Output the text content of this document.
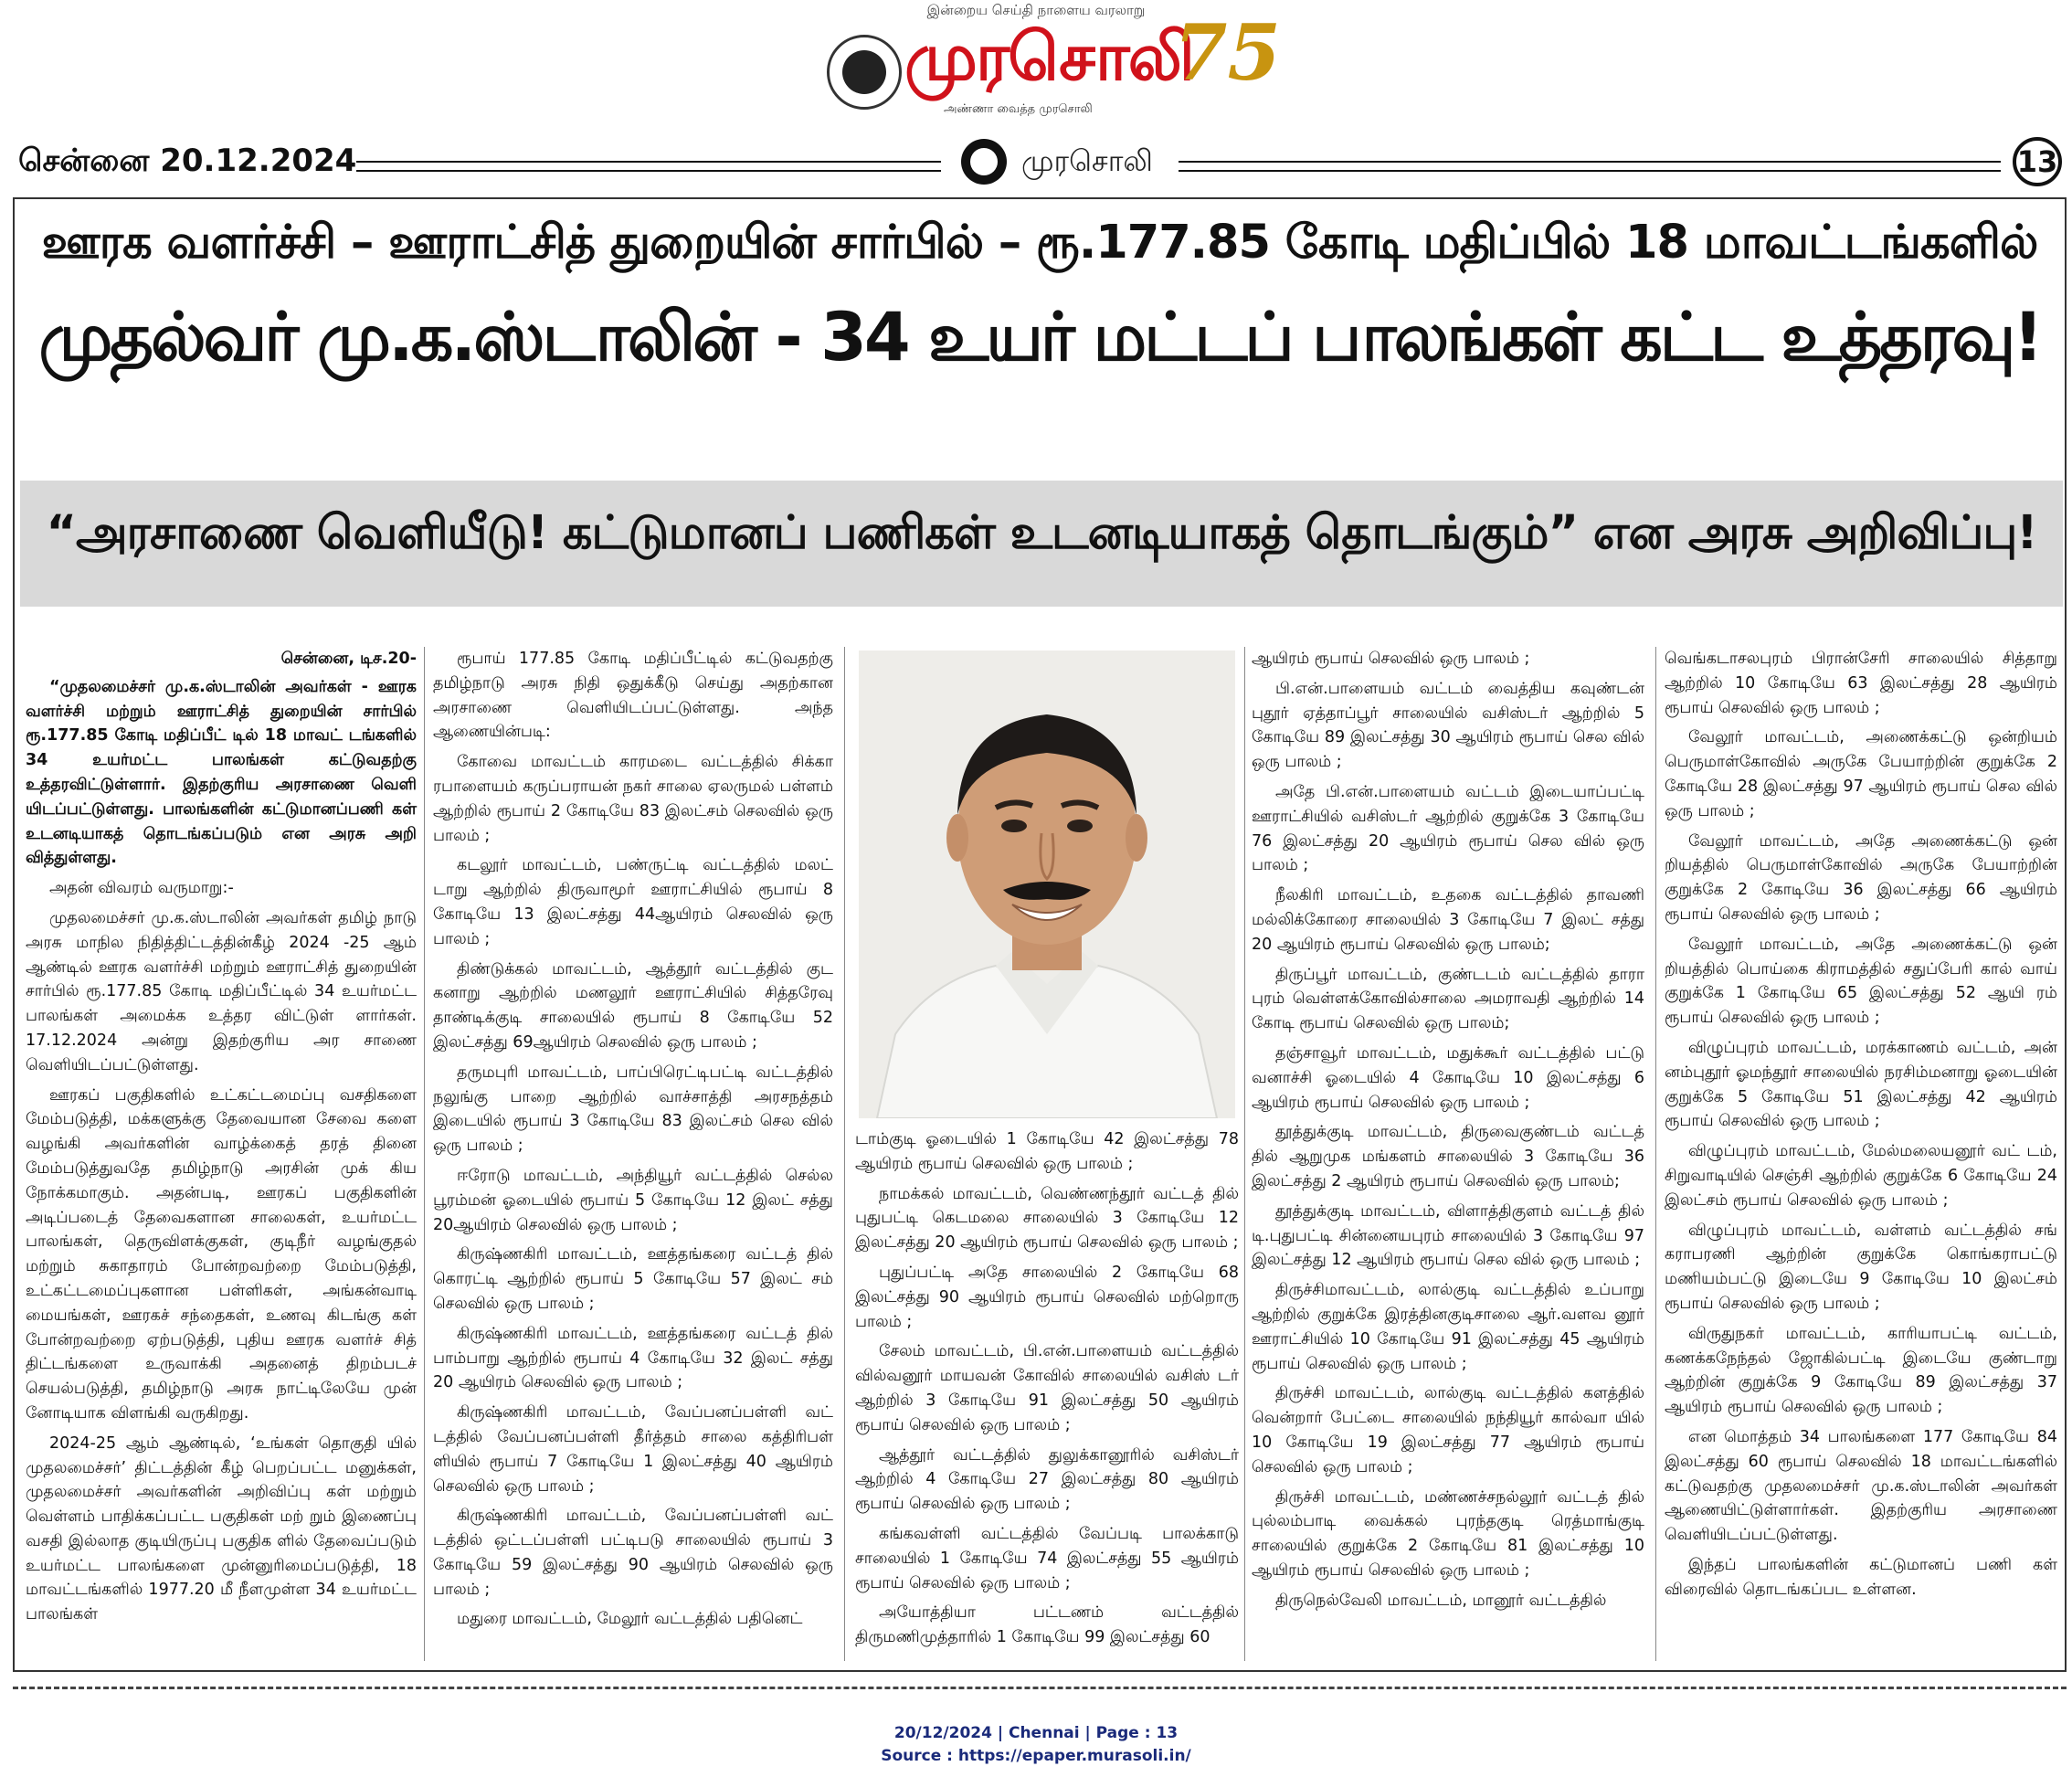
இன்றைய செய்தி நாளைய வரலாறு
முரசொலி
அண்ணா வைத்த முரசொலி
75
சென்னை 20.12.2024	முரசொலி	13
ஊரக வளர்ச்சி – ஊராட்சித் துறையின் சார்பில் – ரூ.177.85 கோடி மதிப்பில் 18 மாவட்டங்களில்
முதல்வர் மு.க.ஸ்டாலின் - 34 உயர் மட்டப் பாலங்கள் கட்ட உத்தரவு!
“அரசாணை வெளியீடு! கட்டுமானப் பணிகள் உடனடியாகத் தொடங்கும்” என அரசு அறிவிப்பு!
சென்னை, டிச.20-

“முதலமைச்சர் மு.க.ஸ்டாலின் அவர்கள் - ஊரக வளர்ச்சி மற்றும் ஊராட்சித் துறையின் சார்பில் ரூ.177.85 கோடி மதிப்பீட் டில் 18 மாவட் டங்களில் 34 உயர்மட்ட பாலங்கள் கட்டுவதற்கு உத்தரவிட்டுள்ளார். இதற்குரிய அரசாணை வெளி யிடப்பட்டுள்ளது. பாலங்களின் கட்டுமானப்பணி கள் உடனடியாகத் தொடங்கப்படும் என அரசு அறி வித்துள்ளது.

அதன் விவரம் வருமாறு:-

முதலமைச்சர் மு.க.ஸ்டாலின் அவர்கள் தமிழ் நாடு அரசு மாநில நிதித்திட்டத்தின்கீழ் 2024 -25 ஆம் ஆண்டில் ஊரக வளர்ச்சி மற்றும் ஊராட்சித் துறையின் சார்பில் ரூ.177.85 கோடி மதிப்பீட்டில் 34 உயர்மட்ட பாலங்கள் அமைக்க உத்தர விட்டுள் ளார்கள். 17.12.2024 அன்று இதற்குரிய அர சாணை வெளியிடப்பட்டுள்ளது.

ஊரகப் பகுதிகளில் உட்கட்டமைப்பு வசதிகளை மேம்படுத்தி, மக்களுக்கு தேவையான சேவை களை வழங்கி அவர்களின் வாழ்க்கைத் தரத் தினை மேம்படுத்துவதே தமிழ்நாடு அரசின் முக் கிய நோக்கமாகும். அதன்படி, ஊரகப் பகுதிகளின் அடிப்படைத் தேவைகளான சாலைகள், உயர்மட்ட பாலங்கள், தெருவிளக்குகள், குடிநீர் வழங்குதல் மற்றும் சுகாதாரம் போன்றவற்றை மேம்படுத்தி, உட்கட்டமைப்புகளான பள்ளிகள், அங்கன்வாடி மையங்கள், ஊரகச் சந்தைகள், உணவு கிடங்கு கள் போன்றவற்றை ஏற்படுத்தி, புதிய ஊரக வளர்ச் சித் திட்டங்களை உருவாக்கி அதனைத் திறம்படச் செயல்படுத்தி, தமிழ்நாடு அரசு நாட்டிலேயே முன் னோடியாக விளங்கி வருகிறது.

2024-25 ஆம் ஆண்டில், ‘உங்கள் தொகுதி யில் முதலமைச்சர்’ திட்டத்தின் கீழ் பெறப்பட்ட மனுக்கள், முதலமைச்சர் அவர்களின் அறிவிப்பு கள் மற்றும் வெள்ளம் பாதிக்கப்பட்ட பகுதிகள் மற் றும் இணைப்பு வசதி இல்லாத குடியிருப்பு பகுதிக ளில் தேவைப்படும் உயர்மட்ட பாலங்களை முன்னுரிமைப்படுத்தி, 18 மாவட்டங்களில் 1977.20 மீ நீளமுள்ள 34 உயர்மட்ட பாலங்கள்

ரூபாய் 177.85 கோடி மதிப்பீட்டில் கட்டுவதற்கு தமிழ்நாடு அரசு நிதி ஒதுக்கீடு செய்து அதற்கான அரசாணை வெளியிடப்பட்டுள்ளது. அந்த ஆணையின்படி:

கோவை மாவட்டம் காரமடை வட்டத்தில் சிக்கா ரபாளையம் கருப்பராயன் நகர் சாலை ஏலருமல் பள்ளம் ஆற்றில் ரூபாய் 2 கோடியே 83 இலட்சம் செலவில் ஒரு பாலம் ;

கடலூர் மாவட்டம், பண்ருட்டி வட்டத்தில் மலட் டாறு ஆற்றில் திருவாமூர் ஊராட்சியில் ரூபாய் 8 கோடியே 13 இலட்சத்து 44ஆயிரம் செலவில் ஒரு பாலம் ;

திண்டுக்கல் மாவட்டம், ஆத்தூர் வட்டத்தில் குட கனாறு ஆற்றில் மணலூர் ஊராட்சியில் சித்தரேவு தாண்டிக்குடி சாலையில் ரூபாய் 8 கோடியே 52 இலட்சத்து 69ஆயிரம் செலவில் ஒரு பாலம் ;

தருமபுரி மாவட்டம், பாப்பிரெட்டிபட்டி வட்டத்தில் நலுங்கு பாறை ஆற்றில் வாச்சாத்தி அரசநத்தம் இடையில் ரூபாய் 3 கோடியே 83 இலட்சம் செல வில் ஒரு பாலம் ;

ஈரோடு மாவட்டம், அந்தியூர் வட்டத்தில் செல்ல பூரம்மன் ஓடையில் ரூபாய் 5 கோடியே 12 இலட் சத்து 20ஆயிரம் செலவில் ஒரு பாலம் ;

கிருஷ்ணகிரி மாவட்டம், ஊத்தங்கரை வட்டத் தில் கொரட்டி ஆற்றில் ரூபாய் 5 கோடியே 57 இலட் சம் செலவில் ஒரு பாலம் ;

கிருஷ்ணகிரி மாவட்டம், ஊத்தங்கரை வட்டத் தில் பாம்பாறு ஆற்றில் ரூபாய் 4 கோடியே 32 இலட் சத்து 20 ஆயிரம் செலவில் ஒரு பாலம் ;

கிருஷ்ணகிரி மாவட்டம், வேப்பனப்பள்ளி வட் டத்தில் வேப்பனப்பள்ளி தீர்த்தம் சாலை கத்திரிபள் ளியில் ரூபாய் 7 கோடியே 1 இலட்சத்து 40 ஆயிரம் செலவில் ஒரு பாலம் ;

கிருஷ்ணகிரி மாவட்டம், வேப்பனப்பள்ளி வட் டத்தில் ஒட்டப்பள்ளி பட்டிபடு சாலையில் ரூபாய் 3 கோடியே 59 இலட்சத்து 90 ஆயிரம் செலவில் ஒரு பாலம் ;

மதுரை மாவட்டம், மேலூர் வட்டத்தில் பதினெட்

டாம்குடி ஓடையில் 1 கோடியே 42 இலட்சத்து 78 ஆயிரம் ரூபாய் செலவில் ஒரு பாலம் ;

நாமக்கல் மாவட்டம், வெண்ணந்தூர் வட்டத் தில் புதுபட்டி கெடமலை சாலையில் 3 கோடியே 12 இலட்சத்து 20 ஆயிரம் ரூபாய் செலவில் ஒரு பாலம் ;

புதுப்பட்டி அதே சாலையில் 2 கோடியே 68 இலட்சத்து 90 ஆயிரம் ரூபாய் செலவில் மற்றொரு பாலம் ;

சேலம் மாவட்டம், பி.என்.பாளையம் வட்டத்தில் வில்வனூர் மாயவன் கோவில் சாலையில் வசிஸ் டர் ஆற்றில் 3 கோடியே 91 இலட்சத்து 50 ஆயிரம் ரூபாய் செலவில் ஒரு பாலம் ;

ஆத்தூர் வட்டத்தில் துலுக்கானூரில் வசிஸ்டர் ஆற்றில் 4 கோடியே 27 இலட்சத்து 80 ஆயிரம் ரூபாய் செலவில் ஒரு பாலம் ;

கங்கவள்ளி வட்டத்தில் வேப்படி பாலக்காடு சாலையில் 1 கோடியே 74 இலட்சத்து 55 ஆயிரம் ரூபாய் செலவில் ஒரு பாலம் ;

அயோத்தியா பட்டணம் வட்டத்தில் திருமணிமுத்தாரில் 1 கோடியே 99 இலட்சத்து 60

ஆயிரம் ரூபாய் செலவில் ஒரு பாலம் ;

பி.என்.பாளையம் வட்டம் வைத்திய கவுண்டன் புதூர் ஏத்தாப்பூர் சாலையில் வசிஸ்டர் ஆற்றில் 5 கோடியே 89 இலட்சத்து 30 ஆயிரம் ரூபாய் செல வில் ஒரு பாலம் ;

அதே பி.என்.பாளையம் வட்டம் இடையாப்பட்டி ஊராட்சியில் வசிஸ்டர் ஆற்றில் குறுக்கே 3 கோடியே 76 இலட்சத்து 20 ஆயிரம் ரூபாய் செல வில் ஒரு பாலம் ;

நீலகிரி மாவட்டம், உதகை வட்டத்தில் தாவணி மல்லிக்கோரை சாலையில் 3 கோடியே 7 இலட் சத்து 20 ஆயிரம் ரூபாய் செலவில் ஒரு பாலம்;

திருப்பூர் மாவட்டம், குண்டடம் வட்டத்தில் தாரா புரம் வெள்ளக்கோவில்சாலை அமராவதி ஆற்றில் 14 கோடி ரூபாய் செலவில் ஒரு பாலம்;

தஞ்சாவூர் மாவட்டம், மதுக்கூர் வட்டத்தில் பட்டு வனாச்சி ஓடையில் 4 கோடியே 10 இலட்சத்து 6 ஆயிரம் ரூபாய் செலவில் ஒரு பாலம் ;

தூத்துக்குடி மாவட்டம், திருவைகுண்டம் வட்டத் தில் ஆறுமுக மங்களம் சாலையில் 3 கோடியே 36 இலட்சத்து 2 ஆயிரம் ரூபாய் செலவில் ஒரு பாலம்;

தூத்துக்குடி மாவட்டம், விளாத்திகுளம் வட்டத் தில் டி.புதுபட்டி சின்னையபுரம் சாலையில் 3 கோடியே 97 இலட்சத்து 12 ஆயிரம் ரூபாய் செல வில் ஒரு பாலம் ;

திருச்சிமாவட்டம், லால்குடி வட்டத்தில் உப்பாறு ஆற்றில் குறுக்கே இரத்தினகுடிசாலை ஆர்.வளவ னூர் ஊராட்சியில் 10 கோடியே 91 இலட்சத்து 45 ஆயிரம் ரூபாய் செலவில் ஒரு பாலம் ;

திருச்சி மாவட்டம், லால்குடி வட்டத்தில் களத்தில் வென்றார் பேட்டை சாலையில் நந்தியூர் கால்வா யில் 10 கோடியே 19 இலட்சத்து 77 ஆயிரம் ரூபாய் செலவில் ஒரு பாலம் ;

திருச்சி மாவட்டம், மண்ணச்சநல்லூர் வட்டத் தில் புல்லம்பாடி வைக்கல் புரந்தகுடி ரெத்மாங்குடி சாலையில் குறுக்கே 2 கோடியே 81 இலட்சத்து 10 ஆயிரம் ரூபாய் செலவில் ஒரு பாலம் ;

திருநெல்வேலி மாவட்டம், மானூர் வட்டத்தில்

வெங்கடாசலபுரம் பிரான்சேரி சாலையில் சித்தாறு ஆற்றில் 10 கோடியே 63 இலட்சத்து 28 ஆயிரம் ரூபாய் செலவில் ஒரு பாலம் ;

வேலூர் மாவட்டம், அணைக்கட்டு ஒன்றியம் பெருமாள்கோவில் அருகே பேயாற்றின் குறுக்கே 2 கோடியே 28 இலட்சத்து 97 ஆயிரம் ரூபாய் செல வில் ஒரு பாலம் ;

வேலூர் மாவட்டம், அதே அணைக்கட்டு ஒன் றியத்தில் பெருமாள்கோவில் அருகே பேயாற்றின் குறுக்கே 2 கோடியே 36 இலட்சத்து 66 ஆயிரம் ரூபாய் செலவில் ஒரு பாலம் ;

வேலூர் மாவட்டம், அதே அணைக்கட்டு ஒன் றியத்தில் பொய்கை கிராமத்தில் சதுப்பேரி கால் வாய் குறுக்கே 1 கோடியே 65 இலட்சத்து 52 ஆயி ரம் ரூபாய் செலவில் ஒரு பாலம் ;

விழுப்புரம் மாவட்டம், மரக்காணம் வட்டம், அன் னம்புதூர் ஓமந்தூர் சாலையில் நரசிம்மனாறு ஓடையின் குறுக்கே 5 கோடியே 51 இலட்சத்து 42 ஆயிரம் ரூபாய் செலவில் ஒரு பாலம் ;

விழுப்புரம் மாவட்டம், மேல்மலையனூர் வட் டம், சிறுவாடியில் செஞ்சி ஆற்றில் குறுக்கே 6 கோடியே 24 இலட்சம் ரூபாய் செலவில் ஒரு பாலம் ;

விழுப்புரம் மாவட்டம், வள்ளம் வட்டத்தில் சங் கராபரணி ஆற்றின் குறுக்கே கொங்கராபட்டு மணியம்பட்டு இடையே 9 கோடியே 10 இலட்சம் ரூபாய் செலவில் ஒரு பாலம் ;

விருதுநகர் மாவட்டம், காரியாபட்டி வட்டம், கணக்கநேந்தல் ஜோகில்பட்டி இடையே குண்டாறு ஆற்றின் குறுக்கே 9 கோடியே 89 இலட்சத்து 37 ஆயிரம் ரூபாய் செலவில் ஒரு பாலம் ;

என மொத்தம் 34 பாலங்களை 177 கோடியே 84 இலட்சத்து 60 ரூபாய் செலவில் 18 மாவட்டங்களில் கட்டுவதற்கு முதலமைச்சர் மு.க.ஸ்டாலின் அவர்கள் ஆணையிட்டுள்ளார்கள். இதற்குரிய அரசாணை வெளியிடப்பட்டுள்ளது.

இந்தப் பாலங்களின் கட்டுமானப் பணி கள் விரைவில் தொடங்கப்பட உள்ளன.

20/12/2024 | Chennai | Page : 13
Source : https://epaper.murasoli.in/
